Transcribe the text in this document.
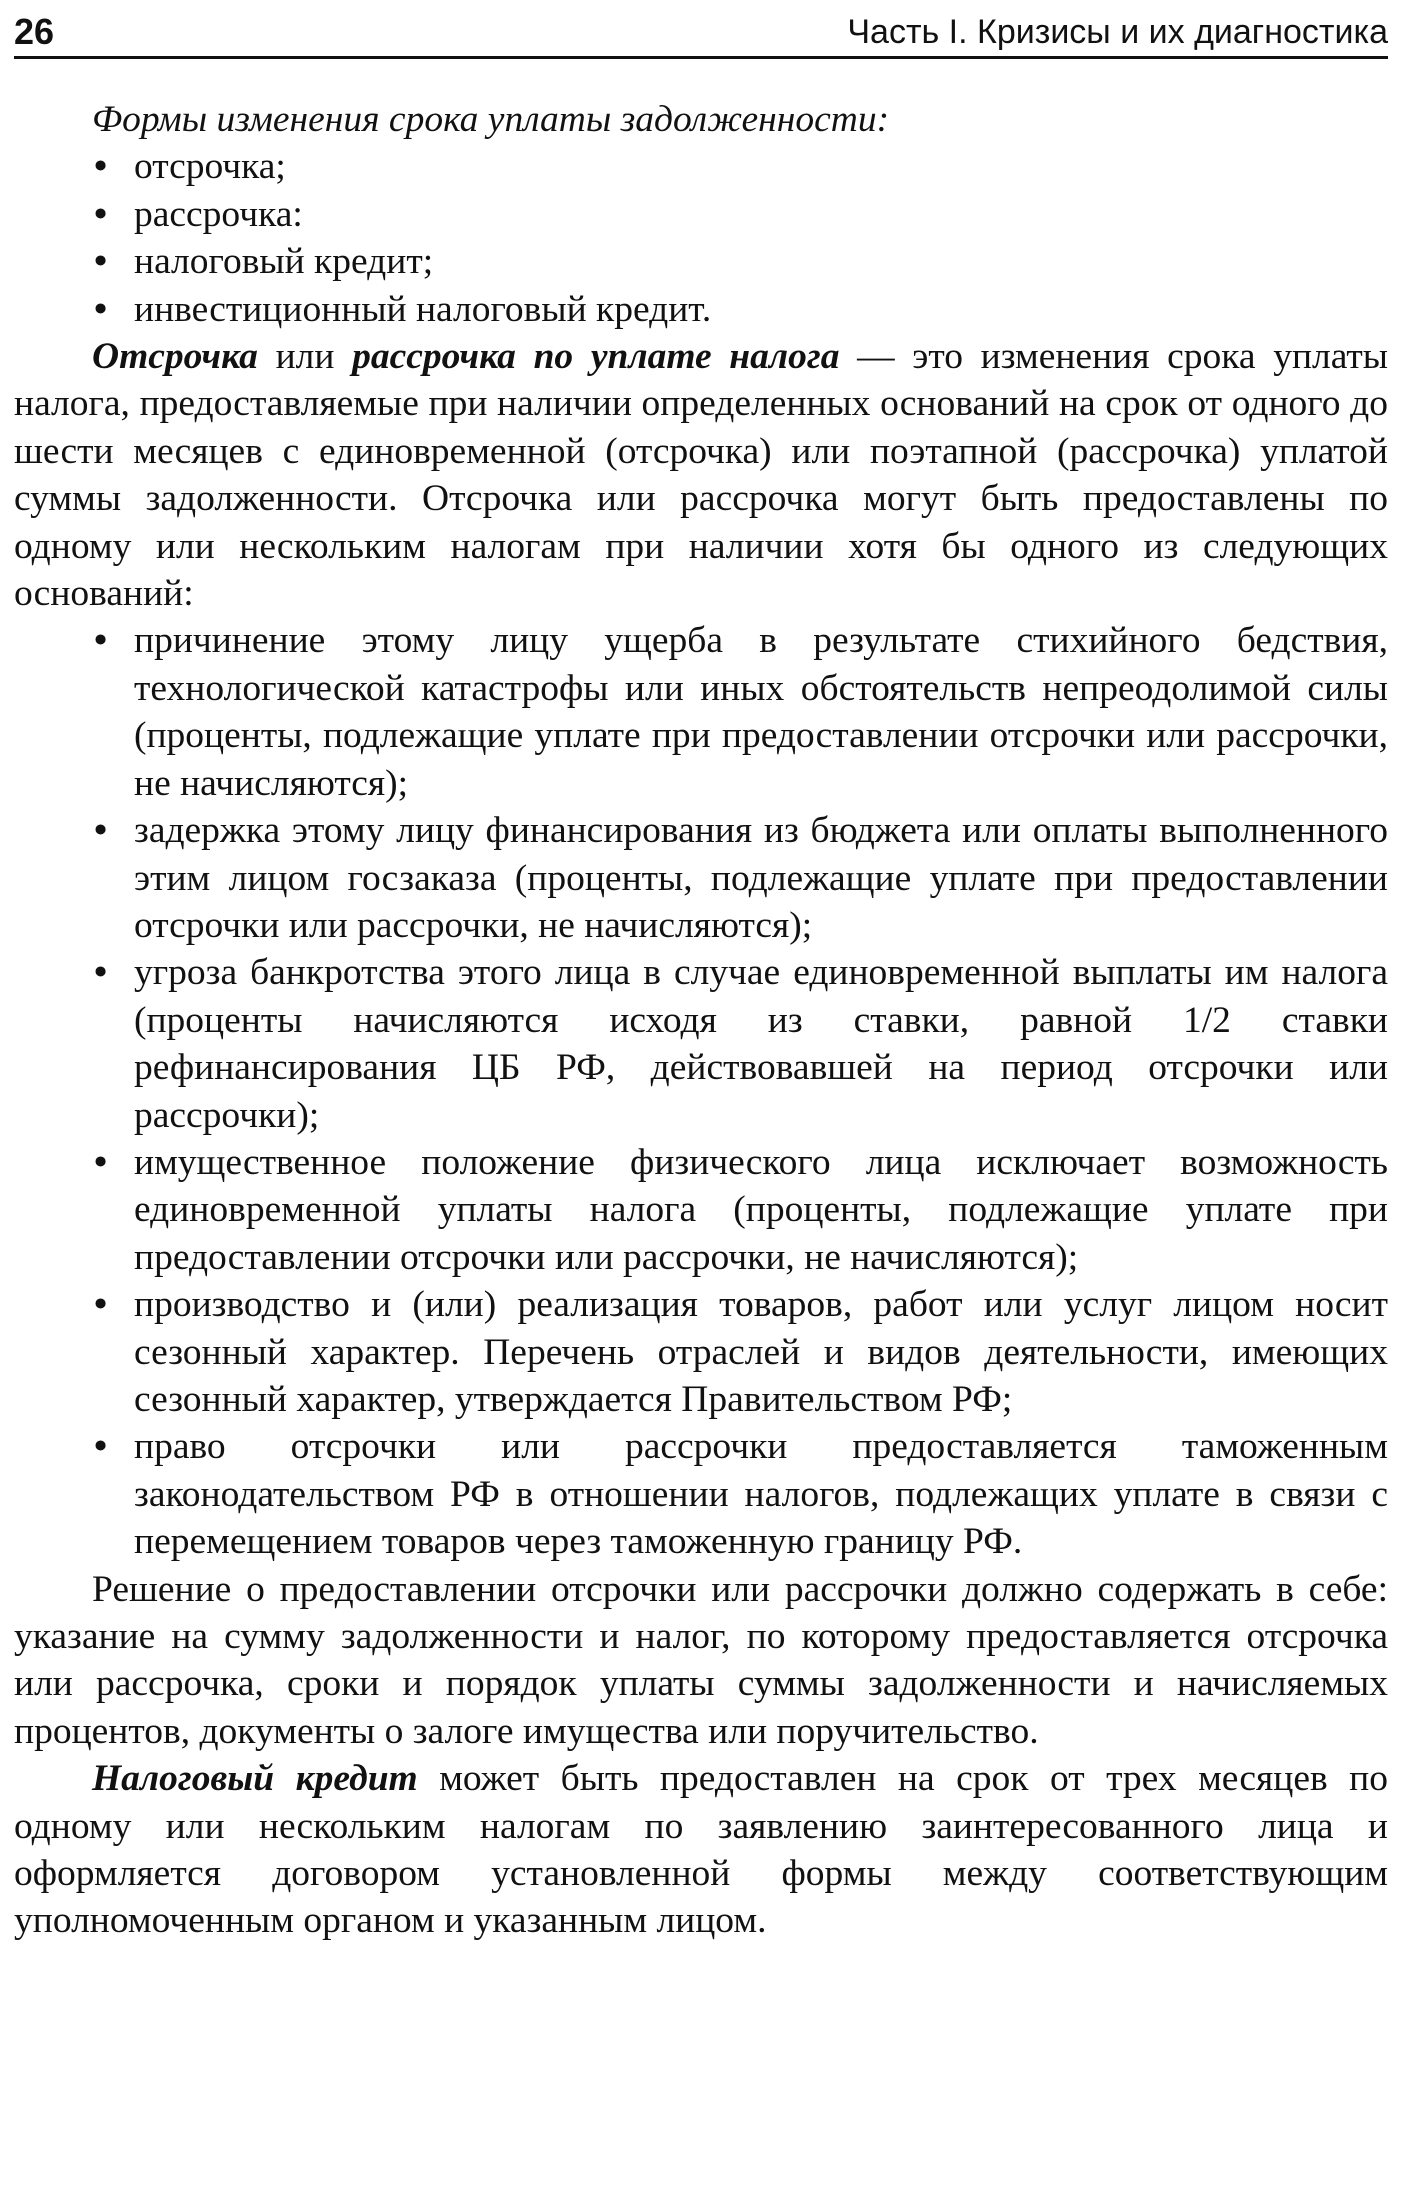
26	Часть I. Кризисы и их диагностика

Формы изменения срока уплаты задолженности:

• отсрочка;
• рассрочка:
• налоговый кредит;
• инвестиционный налоговый кредит.

Отсрочка или рассрочка по уплате налога — это изменения срока уплаты налога, предоставляемые при наличии определенных оснований на срок от одного до шести месяцев с единовременной (отсрочка) или поэтапной (рассрочка) уплатой суммы задолженности. Отсрочка или рассрочка могут быть предоставлены по одному или нескольким налогам при наличии хотя бы одного из следующих оснований:

• причинение этому лицу ущерба в результате стихийного бедствия, технологической катастрофы или иных обстоятельств непреодолимой силы (проценты, подлежащие уплате при предоставлении отсрочки или рассрочки, не начисляются);
• задержка этому лицу финансирования из бюджета или оплаты выполненного этим лицом госзаказа (проценты, подлежащие уплате при предоставлении отсрочки или рассрочки, не начисляются);
• угроза банкротства этого лица в случае единовременной выплаты им налога (проценты начисляются исходя из ставки, равной 1/2 ставки рефинансирования ЦБ РФ, действовавшей на период отсрочки или рассрочки);
• имущественное положение физического лица исключает возможность единовременной уплаты налога (проценты, подлежащие уплате при предоставлении отсрочки или рассрочки, не начисляются);
• производство и (или) реализация товаров, работ или услуг лицом носит сезонный характер. Перечень отраслей и видов деятельности, имеющих сезонный характер, утверждается Правительством РФ;
• право отсрочки или рассрочки предоставляется таможенным законодательством РФ в отношении налогов, подлежащих уплате в связи с перемещением товаров через таможенную границу РФ.

Решение о предоставлении отсрочки или рассрочки должно содержать в себе: указание на сумму задолженности и налог, по которому предоставляется отсрочка или рассрочка, сроки и порядок уплаты суммы задолженности и начисляемых процентов, документы о залоге имущества или поручительство.

Налоговый кредит может быть предоставлен на срок от трех месяцев по одному или нескольким налогам по заявлению заинтересованного лица и оформляется договором установленной формы между соответствующим уполномоченным органом и указанным лицом.
